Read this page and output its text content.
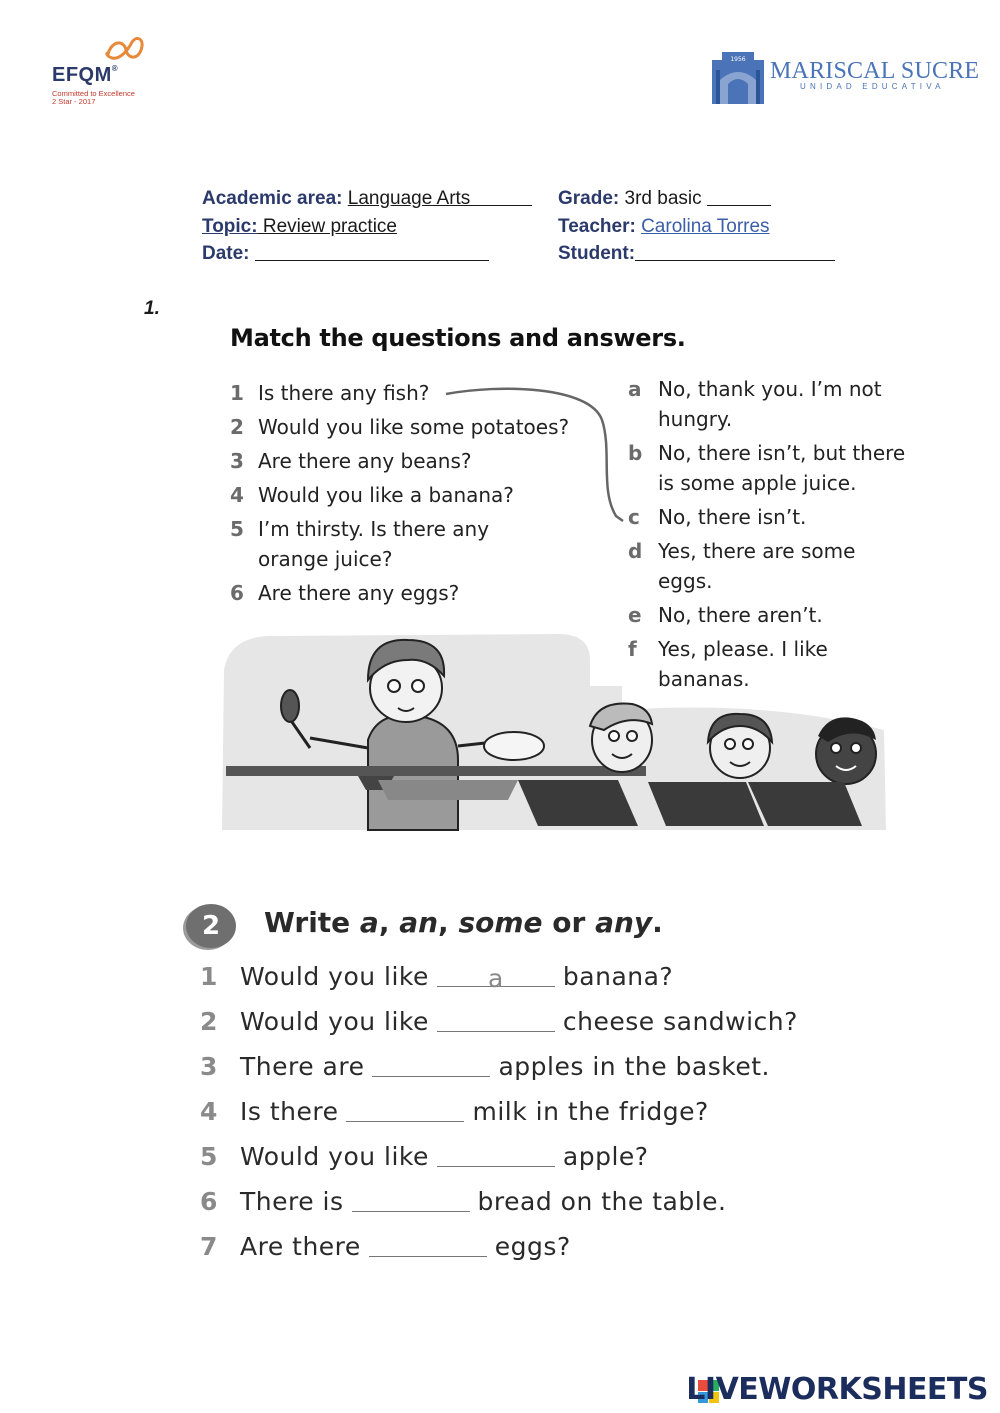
EFQM®
Committed to Excellence
2 Star - 2017
1956 MARISCAL SUCRE
UNIDAD EDUCATIVA
Academic area: Language Arts	Grade: 3rd basic
Topic: Review practice	Teacher: Carolina Torres
Date:	Student:
1.
Match the questions and answers.
1 Is there any fish?
2 Would you like some potatoes?
3 Are there any beans?
4 Would you like a banana?
5 I’m thirsty. Is there any
orange juice?
6 Are there any eggs?
a No, thank you. I’m not
hungry.
b No, there isn’t, but there
is some apple juice.
c No, there isn’t.
d Yes, there are some
eggs.
e No, there aren’t.
f Yes, please. I like
bananas.
2	Write a, an, some or any.
1 Would you like a banana?
2 Would you like	cheese sandwich?
3 There are	apples in the basket.
4 Is there	milk in the fridge?
5 Would you like	apple?
6 There is	bread on the table.
7 Are there	eggs?
LIVEWORKSHEETS
